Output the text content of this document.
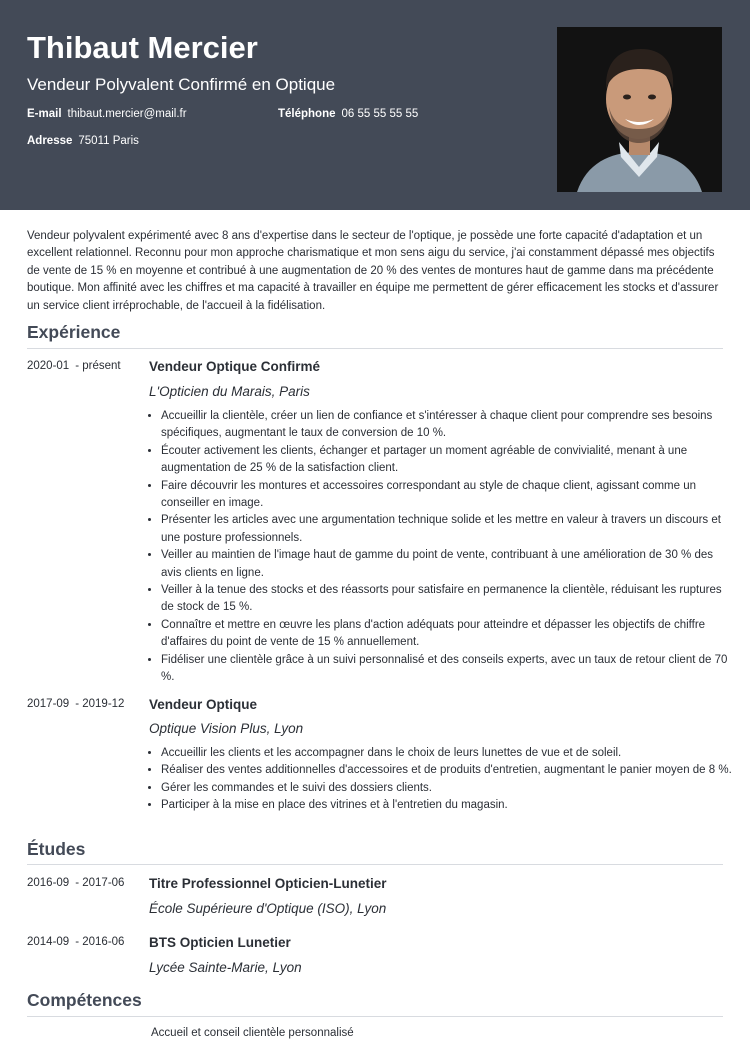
Thibaut Mercier
Vendeur Polyvalent Confirmé en Optique
E-mail thibaut.mercier@mail.fr	Téléphone 06 55 55 55 55
Adresse 75011 Paris
Vendeur polyvalent expérimenté avec 8 ans d'expertise dans le secteur de l'optique, je possède une forte capacité d'adaptation et un excellent relationnel. Reconnu pour mon approche charismatique et mon sens aigu du service, j'ai constamment dépassé mes objectifs de vente de 15 % en moyenne et contribué à une augmentation de 20 % des ventes de montures haut de gamme dans ma précédente boutique. Mon affinité avec les chiffres et ma capacité à travailler en équipe me permettent de gérer efficacement les stocks et d'assurer un service client irréprochable, de l'accueil à la fidélisation.
Expérience
2020-01 - présent Vendeur Optique Confirmé
L'Opticien du Marais, Paris
• Accueillir la clientèle, créer un lien de confiance et s'intéresser à chaque client pour comprendre ses besoins spécifiques, augmentant le taux de conversion de 10 %.
• Écouter activement les clients, échanger et partager un moment agréable de convivialité, menant à une augmentation de 25 % de la satisfaction client.
• Faire découvrir les montures et accessoires correspondant au style de chaque client, agissant comme un conseiller en image.
• Présenter les articles avec une argumentation technique solide et les mettre en valeur à travers un discours et une posture professionnels.
• Veiller au maintien de l'image haut de gamme du point de vente, contribuant à une amélioration de 30 % des avis clients en ligne.
• Veiller à la tenue des stocks et des réassorts pour satisfaire en permanence la clientèle, réduisant les ruptures de stock de 15 %.
• Connaître et mettre en œuvre les plans d'action adéquats pour atteindre et dépasser les objectifs de chiffre d'affaires du point de vente de 15 % annuellement.
• Fidéliser une clientèle grâce à un suivi personnalisé et des conseils experts, avec un taux de retour client de 70 %.
2017-09 - 2019-12 Vendeur Optique
Optique Vision Plus, Lyon
• Accueillir les clients et les accompagner dans le choix de leurs lunettes de vue et de soleil.
• Réaliser des ventes additionnelles d'accessoires et de produits d'entretien, augmentant le panier moyen de 8 %.
• Gérer les commandes et le suivi des dossiers clients.
• Participer à la mise en place des vitrines et à l'entretien du magasin.
Études
2016-09 - 2017-06 Titre Professionnel Opticien-Lunetier
École Supérieure d'Optique (ISO), Lyon
2014-09 - 2016-06 BTS Opticien Lunetier
Lycée Sainte-Marie, Lyon
Compétences
Accueil et conseil clientèle personnalisé
